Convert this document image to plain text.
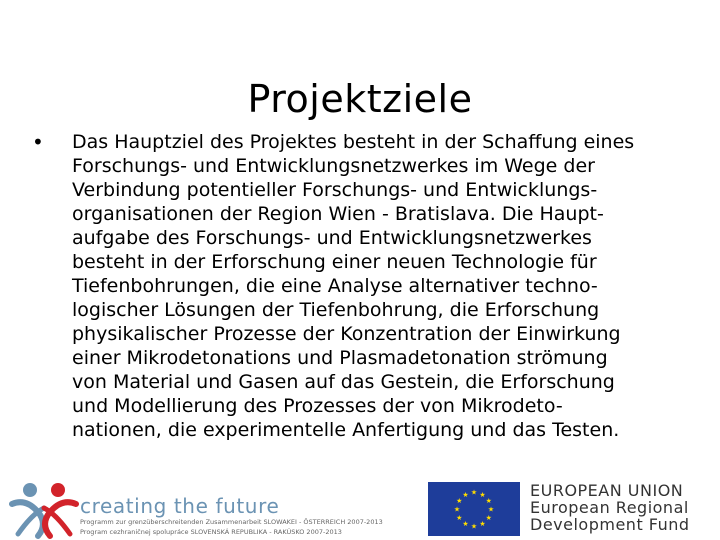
Projektziele
• Das Hauptziel des Projektes besteht in der Schaffung eines
Forschungs- und Entwicklungsnetzwerkes im Wege der
Verbindung potentieller Forschungs- und Entwicklungs-
organisationen der Region Wien - Bratislava. Die Haupt-
aufgabe des Forschungs- und Entwicklungsnetzwerkes
besteht in der Erforschung einer neuen Technologie für
Tiefenbohrungen, die eine Analyse alternativer techno-
logischer Lösungen der Tiefenbohrung, die Erforschung
physikalischer Prozesse der Konzentration der Einwirkung
einer Mikrodetonations und Plasmadetonation strömung
von Material und Gasen auf das Gestein, die Erforschung
und Modellierung des Prozesses der von Mikrodeto-
nationen, die experimentelle Anfertigung und das Testen.
creating the future
Programm zur grenzüberschreitenden Zusammenarbeit SLOWAKEI - ÖSTERREICH 2007-2013
Program cezhraničnej spolupráce SLOVENSKÁ REPUBLIKA - RAKÚSKO 2007-2013
★ ★
★
★
★
★
★
★
★
★
★
★	EUROPEAN UNION
European Regional
Development Fund
